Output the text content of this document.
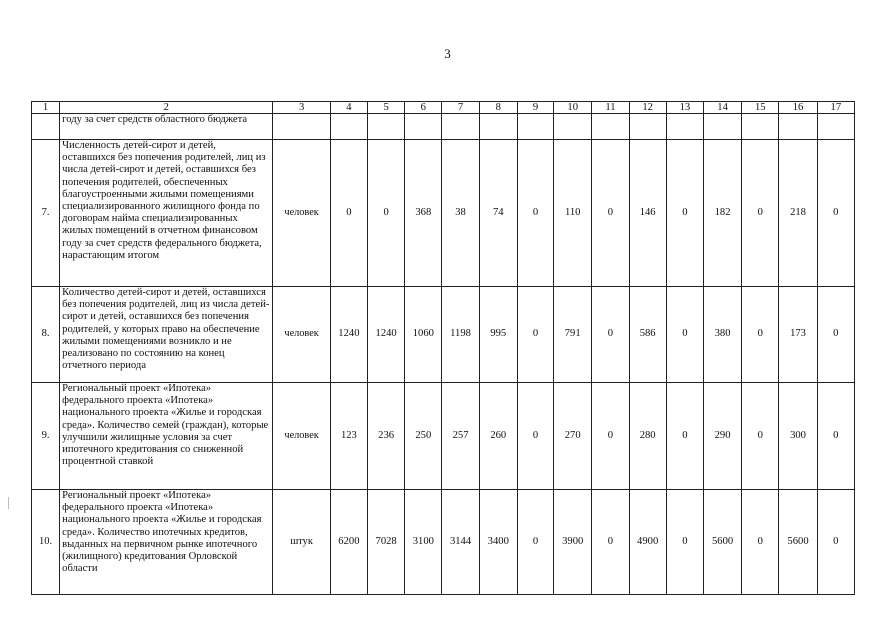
3
1	2	3	4	5	6	7	8	9	10	11	12	13	14	15	16	17
	году за счет средств областного бюджета															
7.	Численность детей-сирот и детей, оставшихся без попечения родителей, лиц из числа детей-сирот и детей, оставшихся без попечения родителей, обеспеченных благоустроенными жилыми помещениями специализированного жилищного фонда по договорам найма специализированных жилых помещений в отчетном финансовом году за счет средств федерального бюджета, нарастающим итогом	человек	0	0	368	38	74	0	110	0	146	0	182	0	218	0
8.	Количество детей-сирот и детей, оставшихся без попечения родителей, лиц из числа детей-сирот и детей, оставшихся без попечения родителей, у которых право на обеспечение жилыми помещениями возникло и не реализовано по состоянию на конец отчетного периода	человек	1240	1240	1060	1198	995	0	791	0	586	0	380	0	173	0
9.	Региональный проект «Ипотека» федерального проекта «Ипотека» национального проекта «Жилье и городская среда». Количество семей (граждан), которые улучшили жилищные условия за счет ипотечного кредитования со сниженной процентной ставкой	человек	123	236	250	257	260	0	270	0	280	0	290	0	300	0
10.	Региональный проект «Ипотека» федерального проекта «Ипотека» национального проекта «Жилье и городская среда». Количество ипотечных кредитов, выданных на первичном рынке ипотечного (жилищного) кредитования Орловской области	штук	6200	7028	3100	3144	3400	0	3900	0	4900	0	5600	0	5600	0
